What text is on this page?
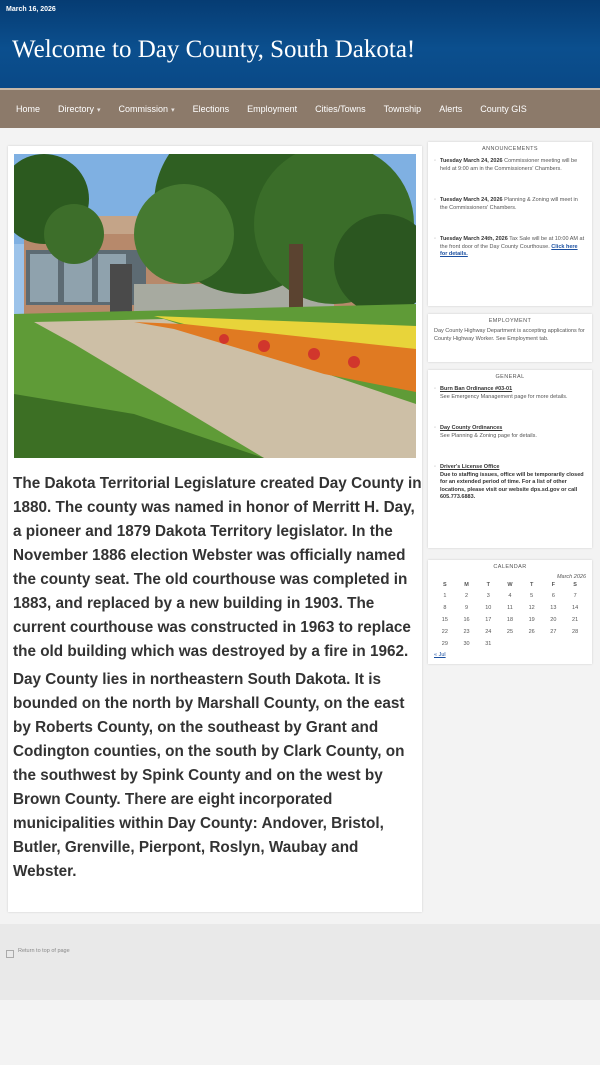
March 16, 2026
Welcome to Day County, South Dakota!
Home	Directory ▾	Commission ▾	Elections	Employment	Cities/Towns	Township	Alerts	County GIS

The Dakota Territorial Legislature created Day County in 1880. The county was named in honor of Merritt H. Day, a pioneer and 1879 Dakota Territory legislator. In the November 1886 election Webster was officially named the county seat. The old courthouse was completed in 1883, and replaced by a new building in 1903. The current courthouse was constructed in 1963 to replace the old building which was destroyed by a fire in 1962.

Day County lies in northeastern South Dakota. It is bounded on the north by Marshall County, on the east by Roberts County, on the southeast by Grant and Codington counties, on the south by Clark County, on the southwest by Spink County and on the west by Brown County. There are eight incorporated municipalities within Day County: Andover, Bristol, Butler, Grenville, Pierpont, Roslyn, Waubay and Webster.

ANNOUNCEMENTS
◦ Tuesday March 24, 2026 Commissioner meeting will be held at 9:00 am in the Commissioners' Chambers.
◦ Tuesday March 24, 2026 Planning & Zoning will meet in the Commissioners' Chambers.
◦ Tuesday March 24th, 2026 Tax Sale will be at 10:00 AM at the front door of the Day County Courthouse. Click here for details.
EMPLOYMENT
Day County Highway Department is accepting applications for County Highway Worker. See Employment tab.
GENERAL
◦ Burn Ban Ordinance #03-01
See Emergency Management page for more details.
◦ Day County Ordinances
See Planning & Zoning page for details.
◦ Driver's License Office
Due to staffing issues, office will be temporarily closed for an extended period of time. For a list of other locations, please visit our website dps.sd.gov or call 605.773.6883.
CALENDAR
March 2026
S	M	T	W	T	F	S
1	2	3	4	5	6	7
8	9	10	11	12	13	14
15	16	17	18	19	20	21
22	23	24	25	26	27	28
29	30	31				
« Jul
Return to top of page
